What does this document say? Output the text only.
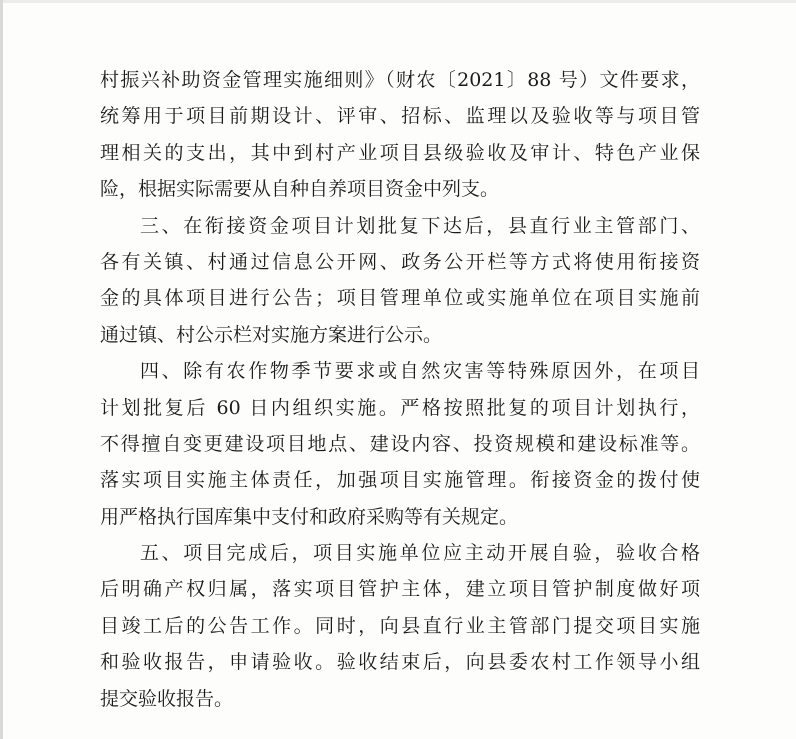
村振兴补助资金管理实施细则》（财农〔2021〕88 号）文件要求，
统筹用于项目前期设计、评审、招标、监理以及验收等与项目管
理相关的支出，其中到村产业项目县级验收及审计、特色产业保
险，根据实际需要从自种自养项目资金中列支。
三、在衔接资金项目计划批复下达后，县直行业主管部门、
各有关镇、村通过信息公开网、政务公开栏等方式将使用衔接资
金的具体项目进行公告；项目管理单位或实施单位在项目实施前
通过镇、村公示栏对实施方案进行公示。
四、除有农作物季节要求或自然灾害等特殊原因外，在项目
计划批复后 60 日内组织实施。严格按照批复的项目计划执行，
不得擅自变更建设项目地点、建设内容、投资规模和建设标准等。
落实项目实施主体责任，加强项目实施管理。衔接资金的拨付使
用严格执行国库集中支付和政府采购等有关规定。
五、项目完成后，项目实施单位应主动开展自验，验收合格
后明确产权归属，落实项目管护主体，建立项目管护制度做好项
目竣工后的公告工作。同时，向县直行业主管部门提交项目实施
和验收报告，申请验收。验收结束后，向县委农村工作领导小组
提交验收报告。
